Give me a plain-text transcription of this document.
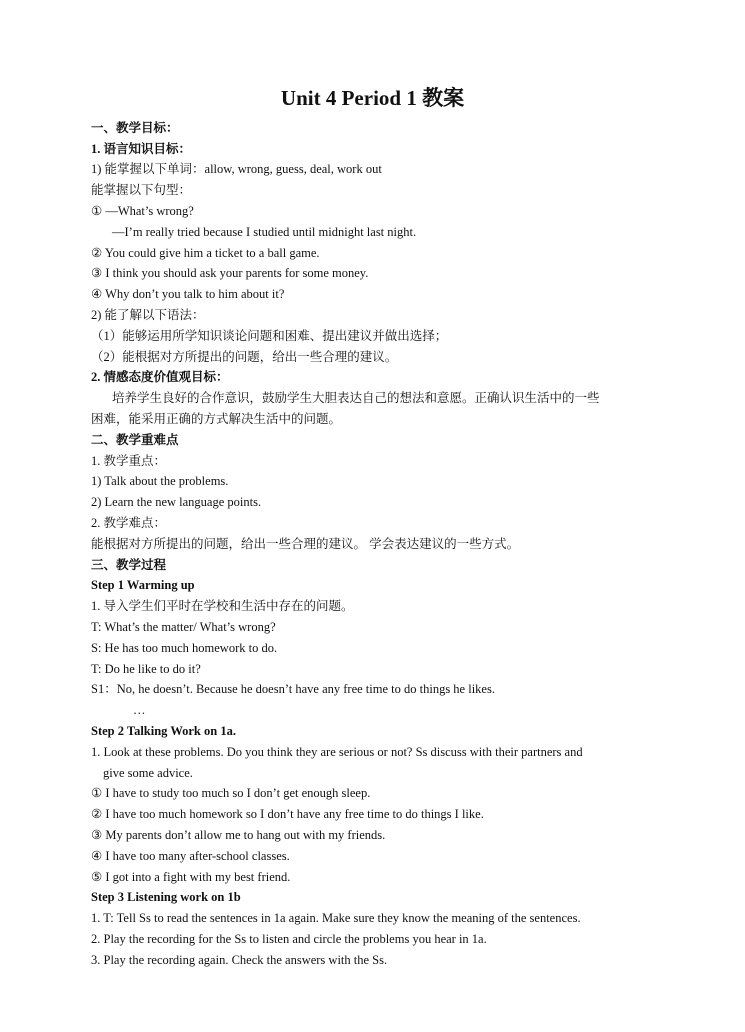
Unit 4 Period 1 教案
一、教学目标：
1. 语言知识目标：
1) 能掌握以下单词：allow, wrong, guess, deal, work out
能掌握以下句型：
① —What’s wrong?
—I’m really tried because I studied until midnight last night.
② You could give him a ticket to a ball game.
③ I think you should ask your parents for some money.
④ Why don’t you talk to him about it?
2) 能了解以下语法：
（1）能够运用所学知识谈论问题和困难、提出建议并做出选择；
（2）能根据对方所提出的问题，给出一些合理的建议。
2. 情感态度价值观目标：
培养学生良好的合作意识，鼓励学生大胆表达自己的想法和意愿。正确认识生活中的一些
困难，能采用正确的方式解决生活中的问题。
二、教学重难点
1. 教学重点：
1) Talk about the problems.
2) Learn the new language points.
2. 教学难点：
能根据对方所提出的问题，给出一些合理的建议。 学会表达建议的一些方式。
三、教学过程
Step 1 Warming up
1. 导入学生们平时在学校和生活中存在的问题。
T: What’s the matter/ What’s wrong?
S: He has too much homework to do.
T: Do he like to do it?
S1：No, he doesn’t. Because he doesn’t have any free time to do things he likes.
…
Step 2 Talking Work on 1a.
1. Look at these problems. Do you think they are serious or not? Ss discuss with their partners and
give some advice.
① I have to study too much so I don’t get enough sleep.
② I have too much homework so I don’t have any free time to do things I like.
③ My parents don’t allow me to hang out with my friends.
④ I have too many after-school classes.
⑤ I got into a fight with my best friend.
Step 3 Listening work on 1b
1. T: Tell Ss to read the sentences in 1a again. Make sure they know the meaning of the sentences.
2. Play the recording for the Ss to listen and circle the problems you hear in 1a.
3. Play the recording again. Check the answers with the Ss.
